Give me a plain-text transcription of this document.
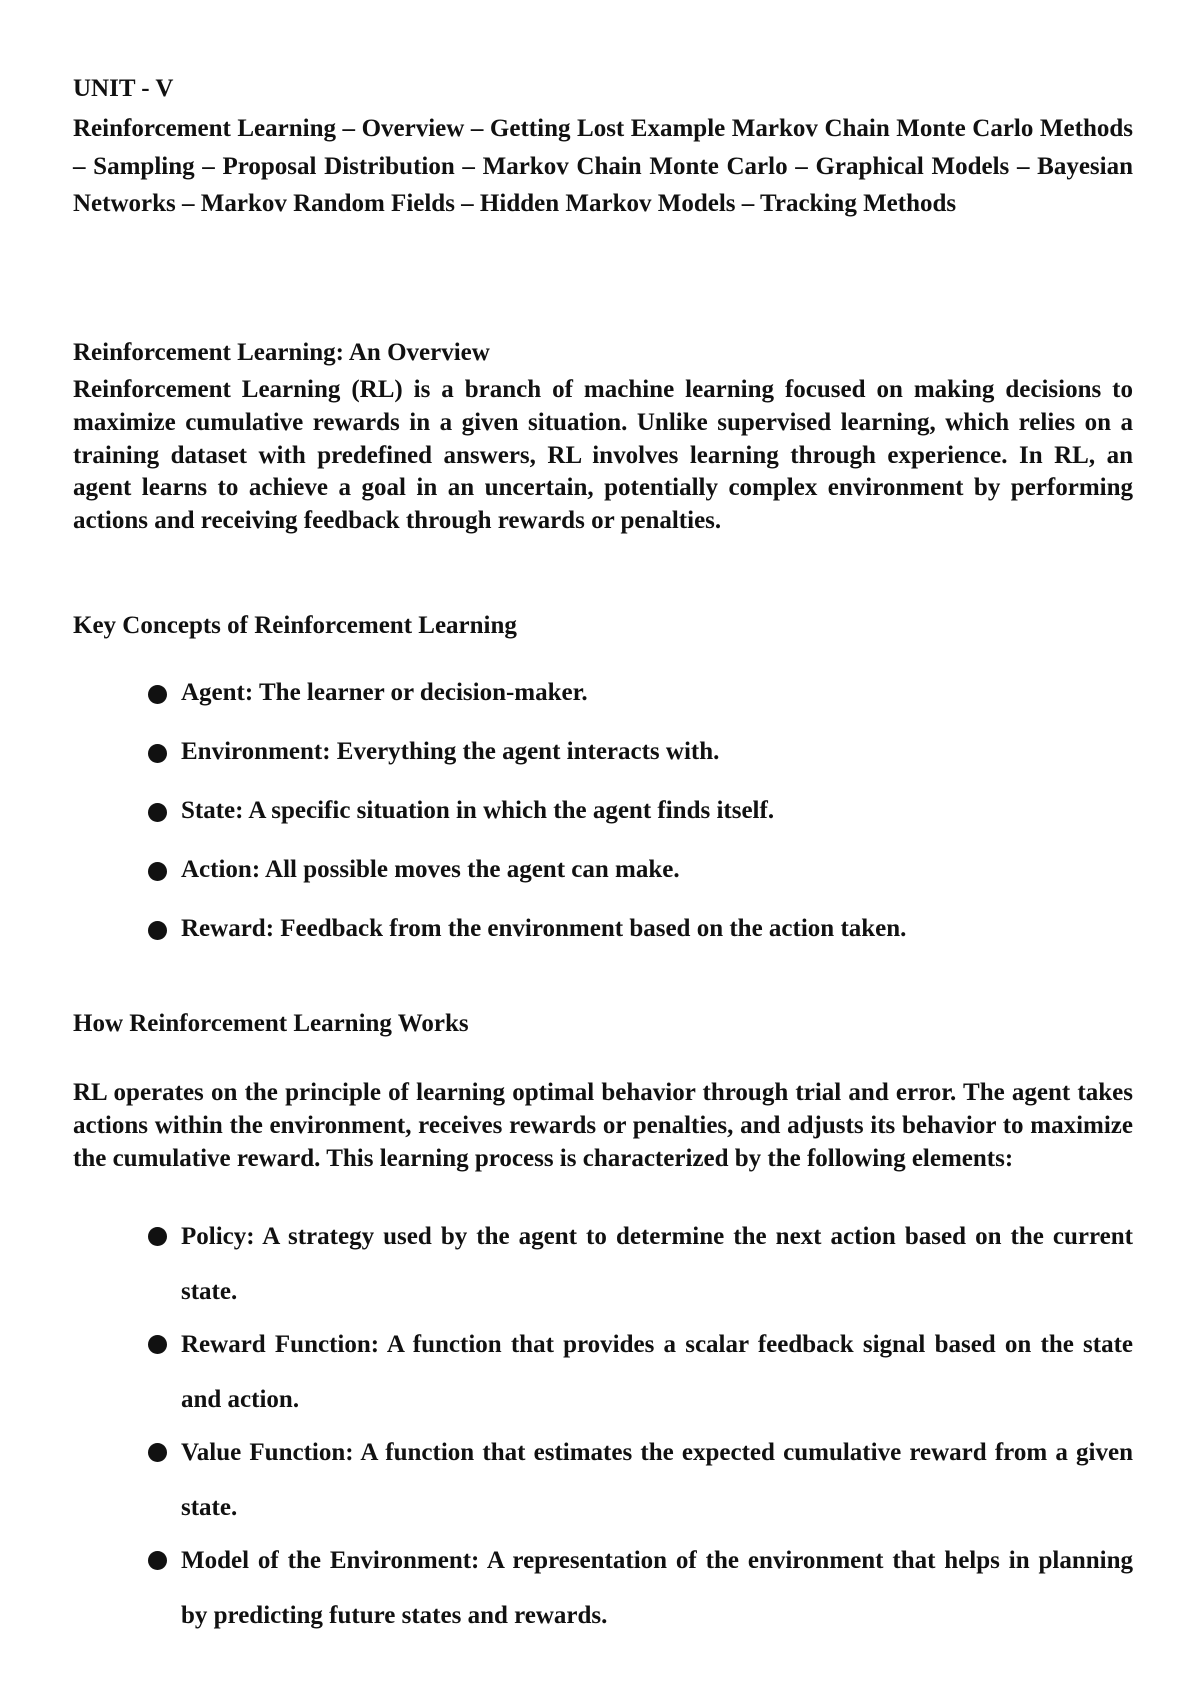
UNIT - V

Reinforcement Learning – Overview – Getting Lost Example Markov Chain Monte Carlo Methods – Sampling – Proposal Distribution – Markov Chain Monte Carlo – Graphical Models – Bayesian Networks – Markov Random Fields – Hidden Markov Models – Tracking Methods

Reinforcement Learning: An Overview

Reinforcement Learning (RL) is a branch of machine learning focused on making decisions to maximize cumulative rewards in a given situation. Unlike supervised learning, which relies on a training dataset with predefined answers, RL involves learning through experience. In RL, an agent learns to achieve a goal in an uncertain, potentially complex environment by performing actions and receiving feedback through rewards or penalties.

Key Concepts of Reinforcement Learning

Agent: The learner or decision-maker.
Environment: Everything the agent interacts with.
State: A specific situation in which the agent finds itself.
Action: All possible moves the agent can make.
Reward: Feedback from the environment based on the action taken.

How Reinforcement Learning Works

RL operates on the principle of learning optimal behavior through trial and error. The agent takes actions within the environment, receives rewards or penalties, and adjusts its behavior to maximize the cumulative reward. This learning process is characterized by the following elements:

Policy: A strategy used by the agent to determine the next action based on the current state.
Reward Function: A function that provides a scalar feedback signal based on the state and action.
Value Function: A function that estimates the expected cumulative reward from a given state.
Model of the Environment: A representation of the environment that helps in planning by predicting future states and rewards.
